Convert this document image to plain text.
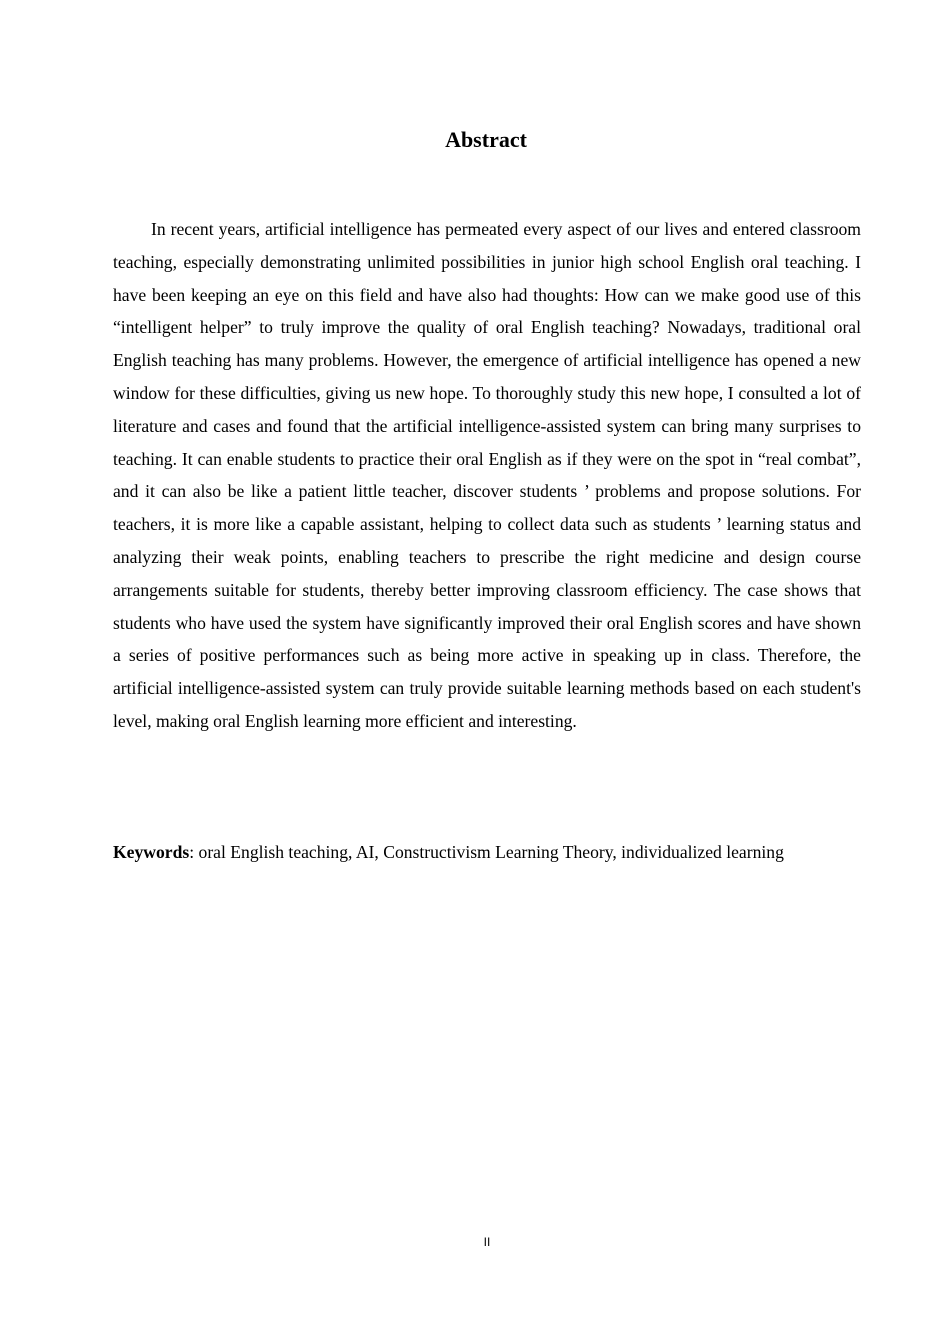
Abstract

In recent years, artificial intelligence has permeated every aspect of our lives and entered classroom teaching, especially demonstrating unlimited possibilities in junior high school English oral teaching. I have been keeping an eye on this field and have also had thoughts: How can we make good use of this “intelligent helper” to truly improve the quality of oral English teaching? Nowadays, traditional oral English teaching has many problems. However, the emergence of artificial intelligence has opened a new window for these difficulties, giving us new hope. To thoroughly study this new hope, I consulted a lot of literature and cases and found that the artificial intelligence-assisted system can bring many surprises to teaching. It can enable students to practice their oral English as if they were on the spot in “real combat”, and it can also be like a patient little teacher, discover students ’ problems and propose solutions. For teachers, it is more like a capable assistant, helping to collect data such as students ’ learning status and analyzing their weak points, enabling teachers to prescribe the right medicine and design course arrangements suitable for students, thereby better improving classroom efficiency. The case shows that students who have used the system have significantly improved their oral English scores and have shown a series of positive performances such as being more active in speaking up in class. Therefore, the artificial intelligence-assisted system can truly provide suitable learning methods based on each student's level, making oral English learning more efficient and interesting.

Keywords: oral English teaching, AI, Constructivism Learning Theory, individualized learning

II
